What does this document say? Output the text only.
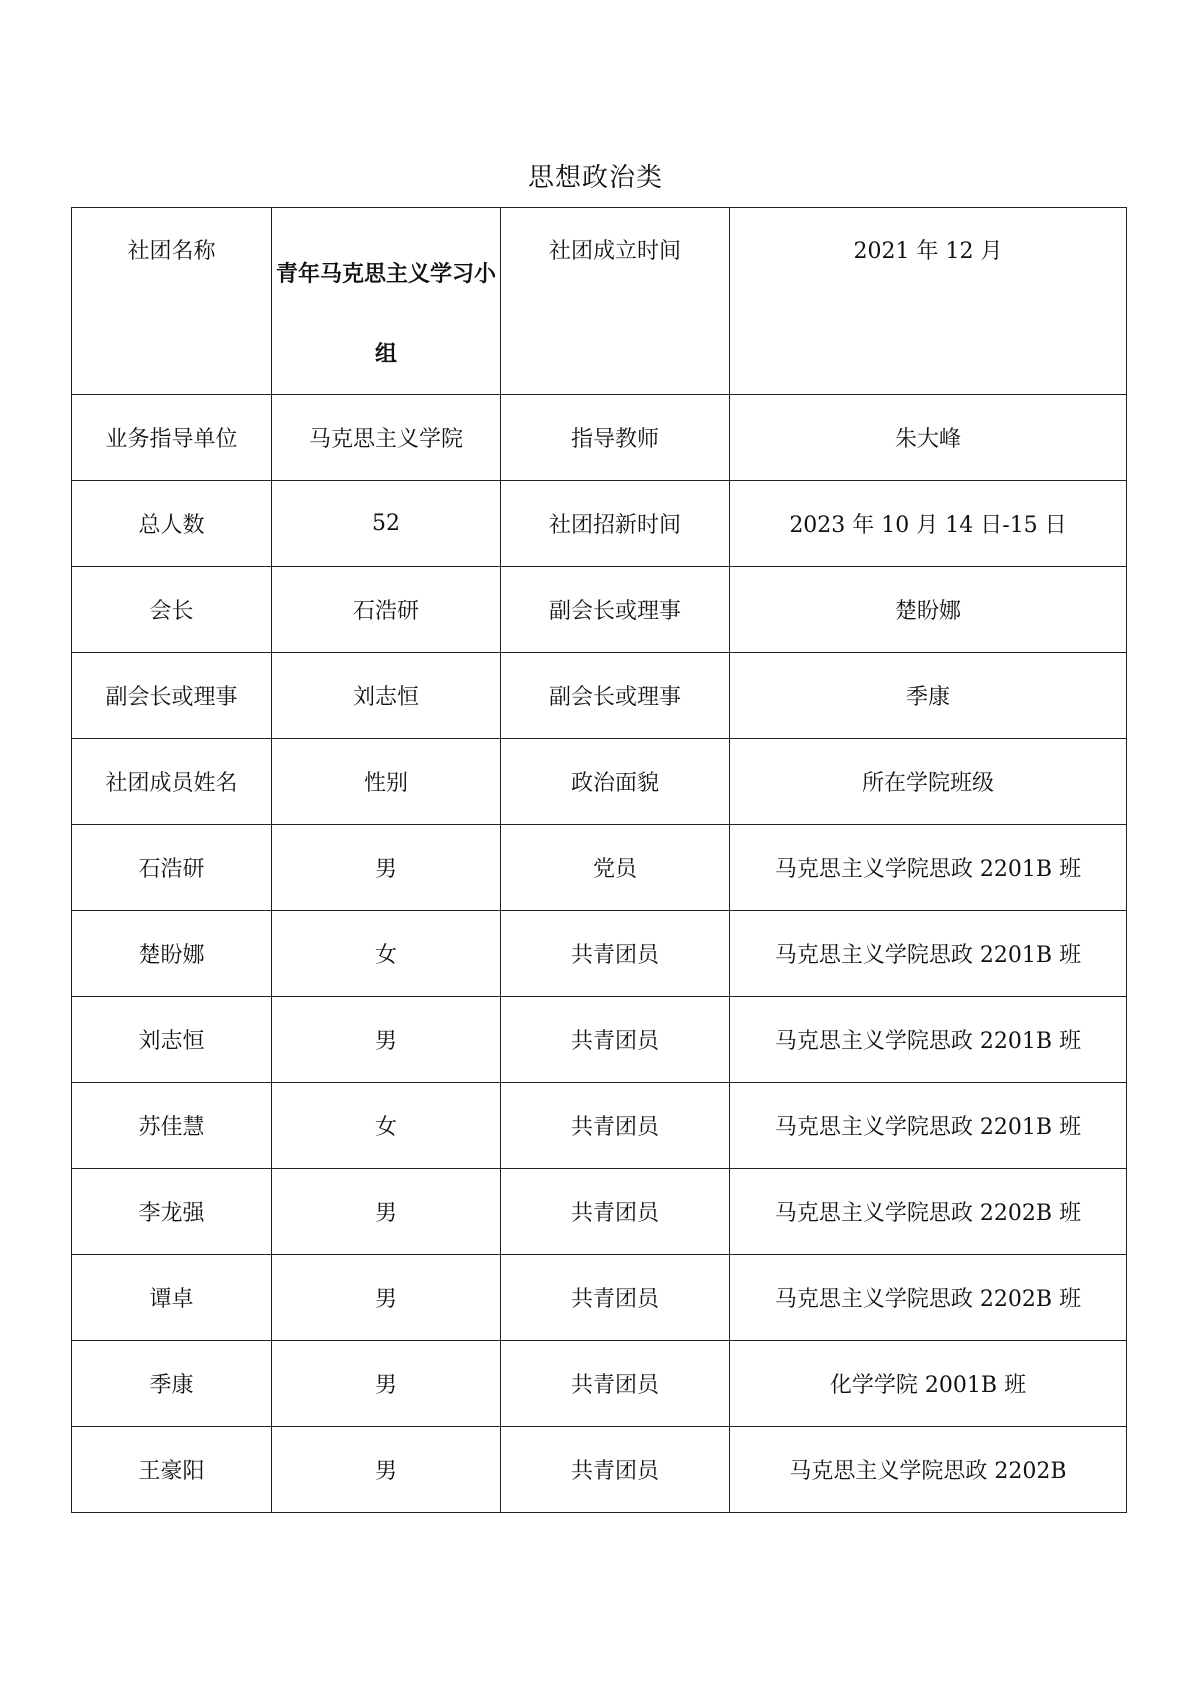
思想政治类
社团名称	青年马克思主义学习小组	社团成立时间	2021 年 12 月
业务指导单位	马克思主义学院	指导教师	朱大峰
总人数	52	社团招新时间	2023 年 10 月 14 日-15 日
会长	石浩研	副会长或理事	楚盼娜
副会长或理事	刘志恒	副会长或理事	季康
社团成员姓名	性别	政治面貌	所在学院班级
石浩研	男	党员	马克思主义学院思政 2201B 班
楚盼娜	女	共青团员	马克思主义学院思政 2201B 班
刘志恒	男	共青团员	马克思主义学院思政 2201B 班
苏佳慧	女	共青团员	马克思主义学院思政 2201B 班
李龙强	男	共青团员	马克思主义学院思政 2202B 班
谭卓	男	共青团员	马克思主义学院思政 2202B 班
季康	男	共青团员	化学学院 2001B 班
王豪阳	男	共青团员	马克思主义学院思政 2202B
